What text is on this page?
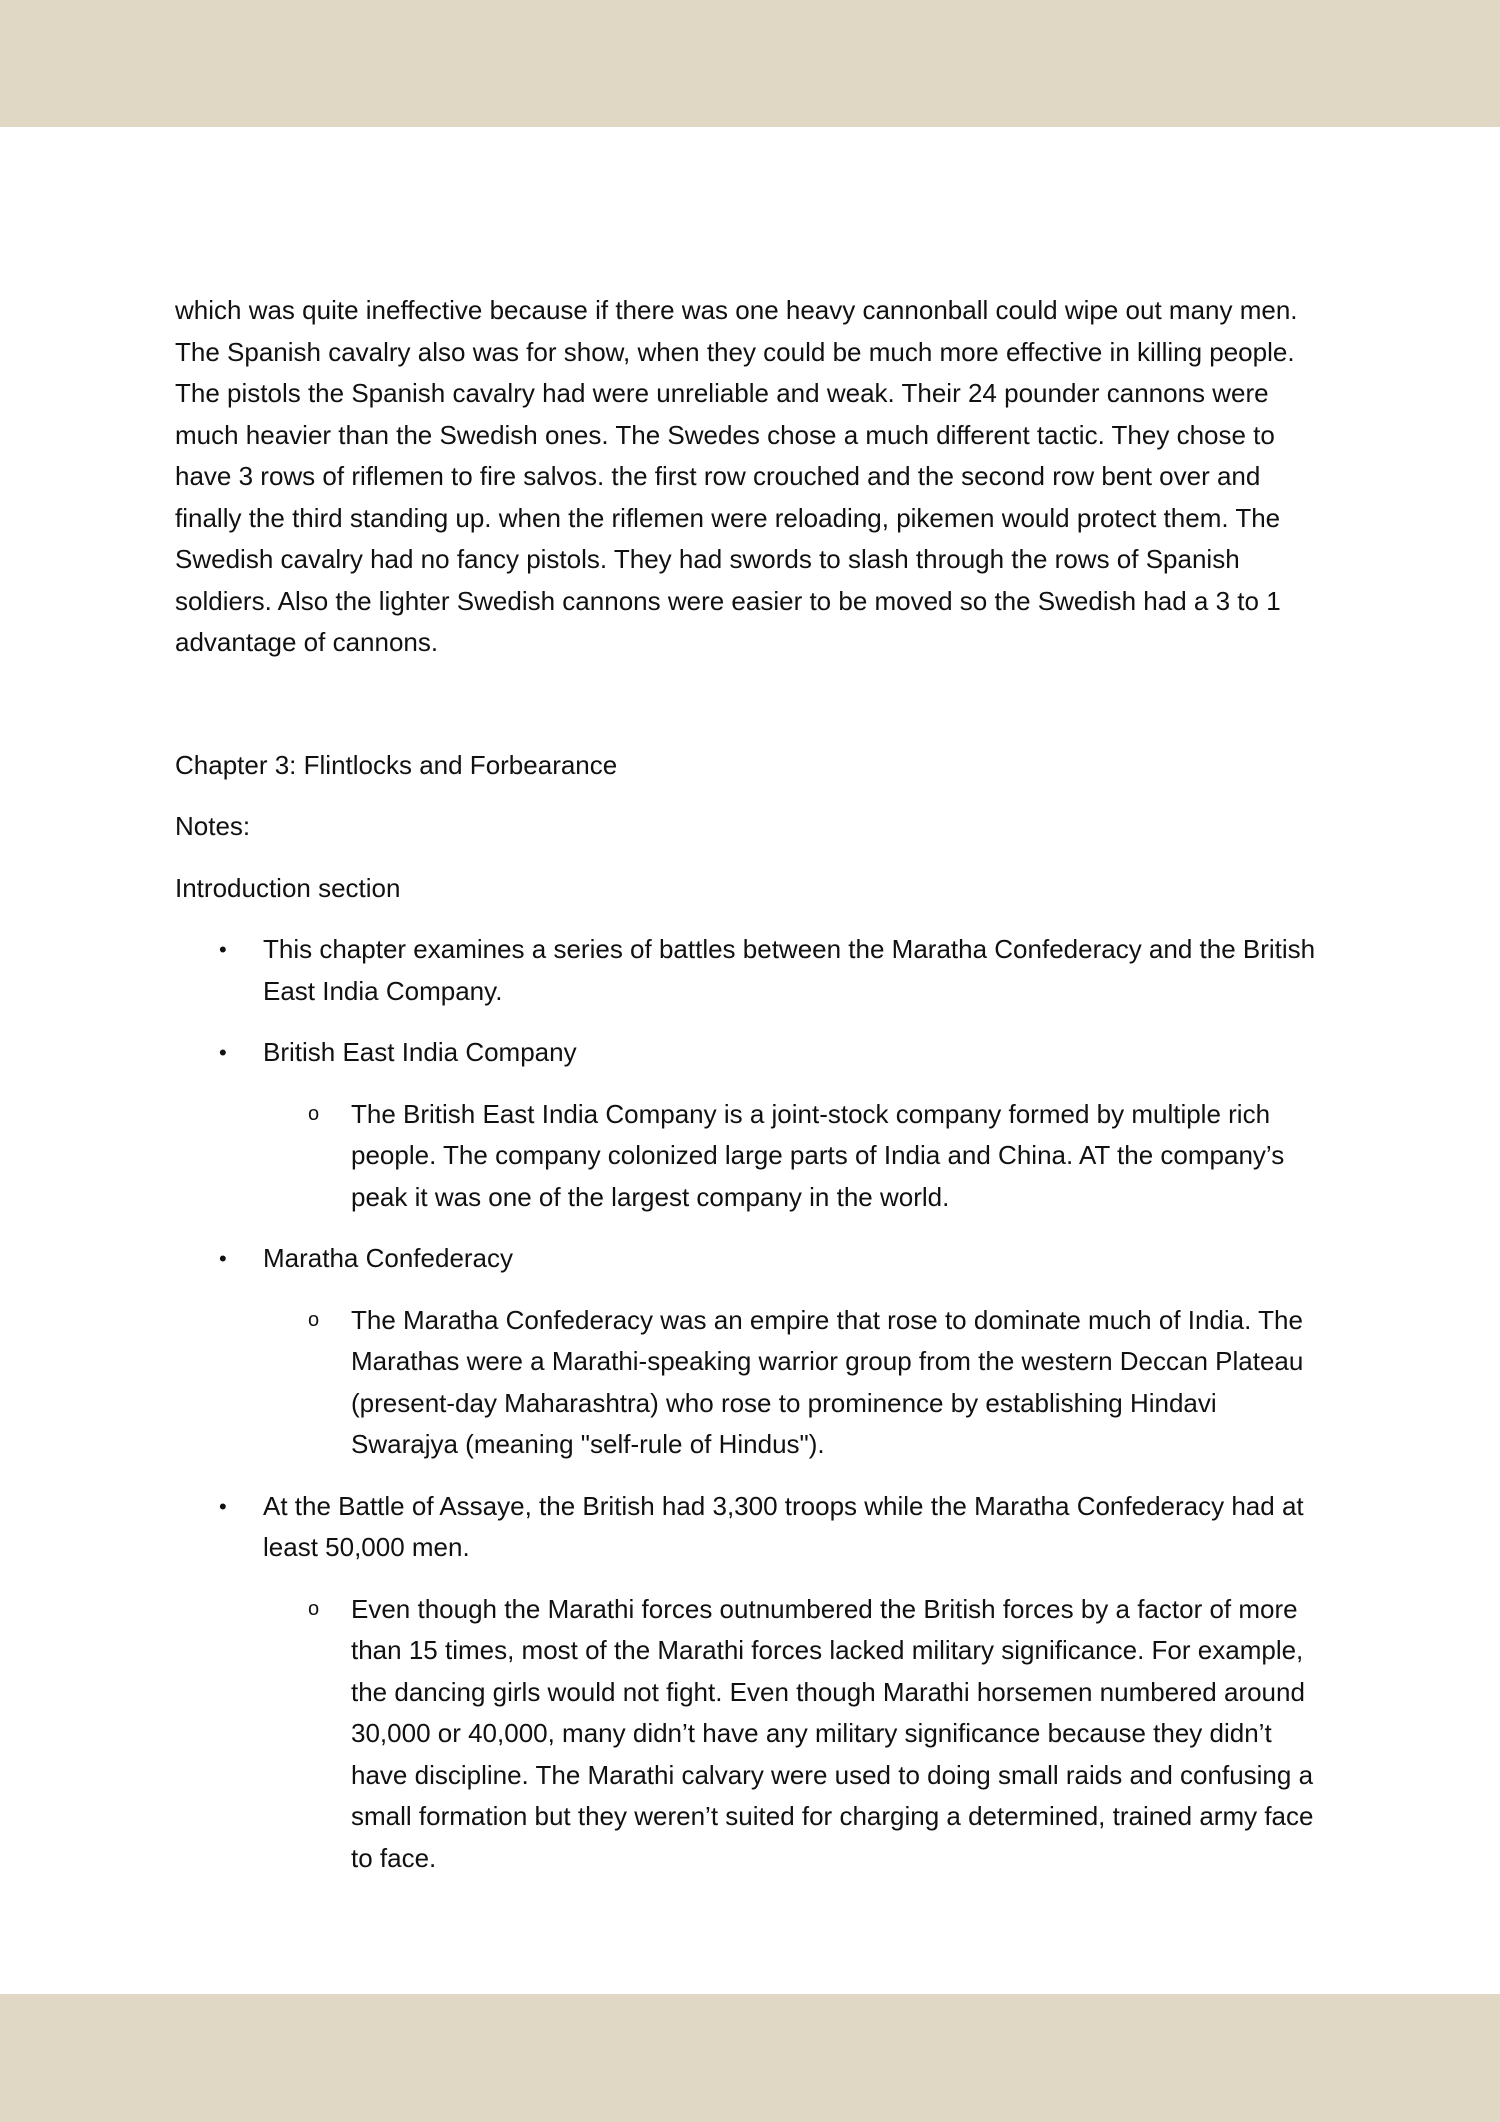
which was quite ineffective because if there was one heavy cannonball could wipe out many men. The Spanish cavalry also was for show, when they could be much more effective in killing people. The pistols the Spanish cavalry had were unreliable and weak. Their 24 pounder cannons were much heavier than the Swedish ones. The Swedes chose a much different tactic. They chose to have 3 rows of riflemen to fire salvos. the first row crouched and the second row bent over and finally the third standing up. when the riflemen were reloading, pikemen would protect them. The Swedish cavalry had no fancy pistols. They had swords to slash through the rows of Spanish soldiers. Also the lighter Swedish cannons were easier to be moved so the Swedish had a 3 to 1 advantage of cannons.

Chapter 3: Flintlocks and Forbearance

Notes:

Introduction section

•	This chapter examines a series of battles between the Maratha Confederacy and the British East India Company.
•	British East India Company
o The British East India Company is a joint-stock company formed by multiple rich people. The company colonized large parts of India and China. AT the company’s peak it was one of the largest company in the world.
•	Maratha Confederacy
o The Maratha Confederacy was an empire that rose to dominate much of India. The Marathas were a Marathi-speaking warrior group from the western Deccan Plateau (present-day Maharashtra) who rose to prominence by establishing Hindavi Swarajya (meaning "self-rule of Hindus").
•	At the Battle of Assaye, the British had 3,300 troops while the Maratha Confederacy had at least 50,000 men.
o Even though the Marathi forces outnumbered the British forces by a factor of more than 15 times, most of the Marathi forces lacked military significance. For example, the dancing girls would not fight. Even though Marathi horsemen numbered around 30,000 or 40,000, many didn’t have any military significance because they didn’t have discipline. The Marathi calvary were used to doing small raids and confusing a small formation but they weren’t suited for charging a determined, trained army face to face.
